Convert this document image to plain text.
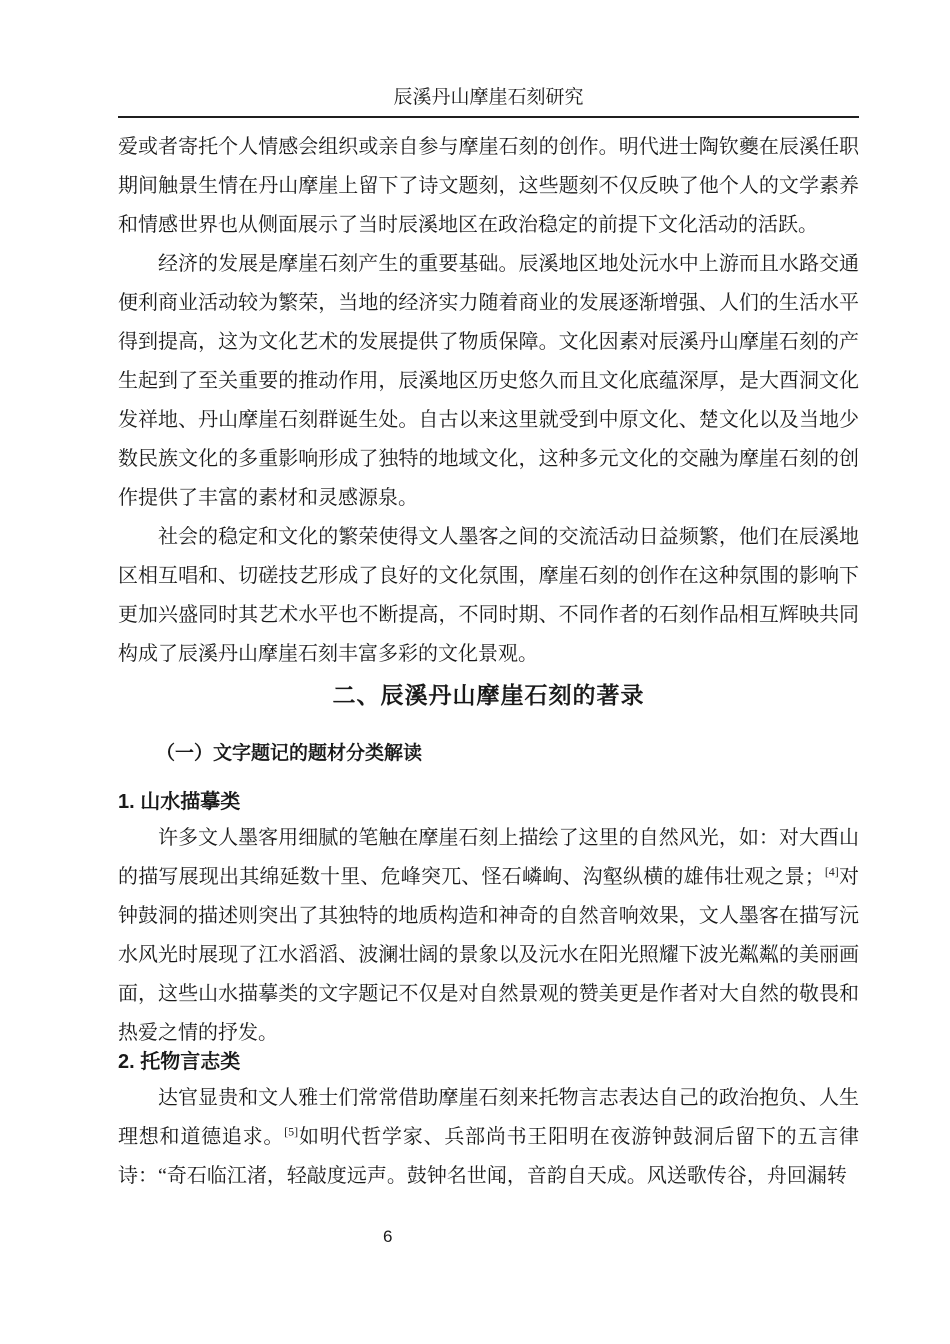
辰溪丹山摩崖石刻研究

爱或者寄托个人情感会组织或亲自参与摩崖石刻的创作。明代进士陶钦夔在辰溪任职期间触景生情在丹山摩崖上留下了诗文题刻，这些题刻不仅反映了他个人的文学素养和情感世界也从侧面展示了当时辰溪地区在政治稳定的前提下文化活动的活跃。

经济的发展是摩崖石刻产生的重要基础。辰溪地区地处沅水中上游而且水路交通便利商业活动较为繁荣，当地的经济实力随着商业的发展逐渐增强、人们的生活水平得到提高，这为文化艺术的发展提供了物质保障。文化因素对辰溪丹山摩崖石刻的产生起到了至关重要的推动作用，辰溪地区历史悠久而且文化底蕴深厚，是大酉洞文化发祥地、丹山摩崖石刻群诞生处。自古以来这里就受到中原文化、楚文化以及当地少数民族文化的多重影响形成了独特的地域文化，这种多元文化的交融为摩崖石刻的创作提供了丰富的素材和灵感源泉。

社会的稳定和文化的繁荣使得文人墨客之间的交流活动日益频繁，他们在辰溪地区相互唱和、切磋技艺形成了良好的文化氛围，摩崖石刻的创作在这种氛围的影响下更加兴盛同时其艺术水平也不断提高，不同时期、不同作者的石刻作品相互辉映共同构成了辰溪丹山摩崖石刻丰富多彩的文化景观。

二、辰溪丹山摩崖石刻的著录
（一）文字题记的题材分类解读
1. 山水描摹类

许多文人墨客用细腻的笔触在摩崖石刻上描绘了这里的自然风光，如：对大酉山的描写展现出其绵延数十里、危峰突兀、怪石嶙峋、沟壑纵横的雄伟壮观之景；[4]对钟鼓洞的描述则突出了其独特的地质构造和神奇的自然音响效果，文人墨客在描写沅水风光时展现了江水滔滔、波澜壮阔的景象以及沅水在阳光照耀下波光粼粼的美丽画面，这些山水描摹类的文字题记不仅是对自然景观的赞美更是作者对大自然的敬畏和热爱之情的抒发。

2. 托物言志类

达官显贵和文人雅士们常常借助摩崖石刻来托物言志表达自己的政治抱负、人生理想和道德追求。[5]如明代哲学家、兵部尚书王阳明在夜游钟鼓洞后留下的五言律诗：“奇石临江渚，轻敲度远声。鼓钟名世闻，音韵自天成。风送歌传谷，舟回漏转

6
